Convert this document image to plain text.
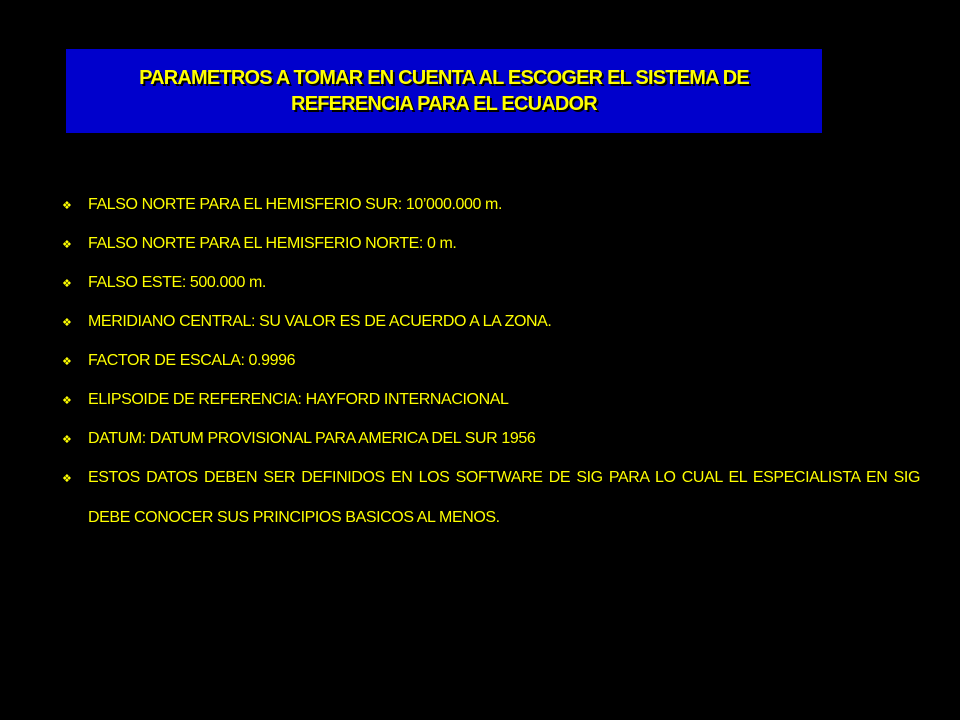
PARAMETROS A TOMAR EN CUENTA AL ESCOGER EL SISTEMA DE
REFERENCIA PARA EL ECUADOR
❖	FALSO NORTE PARA EL HEMISFERIO SUR: 10’000.000 m.
❖	FALSO NORTE PARA EL HEMISFERIO NORTE: 0 m.
❖	FALSO ESTE: 500.000 m.
❖	MERIDIANO CENTRAL: SU VALOR ES DE ACUERDO A LA ZONA.
❖	FACTOR DE ESCALA: 0.9996
❖	ELIPSOIDE DE REFERENCIA: HAYFORD INTERNACIONAL
❖	DATUM: DATUM PROVISIONAL PARA AMERICA DEL SUR 1956
❖	ESTOS DATOS DEBEN SER DEFINIDOS EN LOS SOFTWARE DE SIG PARA LO CUAL EL ESPECIALISTA EN SIG DEBE CONOCER SUS PRINCIPIOS BASICOS AL MENOS.
